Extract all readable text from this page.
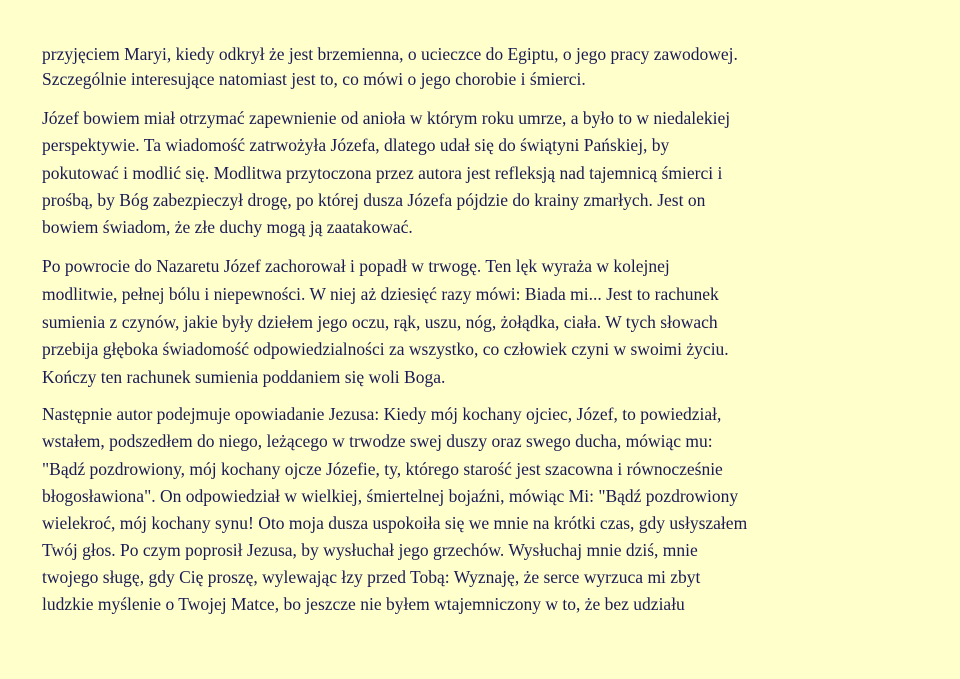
przyjęciem Maryi, kiedy odkrył że jest brzemienna, o ucieczce do Egiptu, o jego pracy zawodowej.
Szczególnie interesujące natomiast jest to, co mówi o jego chorobie i śmierci.
Józef bowiem miał otrzymać zapewnienie od anioła w którym roku umrze, a było to w niedalekiej
perspektywie. Ta wiadomość zatrwożyła Józefa, dlatego udał się do świątyni Pańskiej, by
pokutować i modlić się. Modlitwa przytoczona przez autora jest refleksją nad tajemnicą śmierci i
prośbą, by Bóg zabezpieczył drogę, po której dusza Józefa pójdzie do krainy zmarłych. Jest on
bowiem świadom, że złe duchy mogą ją zaatakować.
Po powrocie do Nazaretu Józef zachorował i popadł w trwogę. Ten lęk wyraża w kolejnej
modlitwie, pełnej bólu i niepewności. W niej aż dziesięć razy mówi: Biada mi... Jest to rachunek
sumienia z czynów, jakie były dziełem jego oczu, rąk, uszu, nóg, żołądka, ciała. W tych słowach
przebija głęboka świadomość odpowiedzialności za wszystko, co człowiek czyni w swoimi życiu.
Kończy ten rachunek sumienia poddaniem się woli Boga.
Następnie autor podejmuje opowiadanie Jezusa: Kiedy mój kochany ojciec, Józef, to powiedział,
wstałem, podszedłem do niego, leżącego w trwodze swej duszy oraz swego ducha, mówiąc mu:
"Bądź pozdrowiony, mój kochany ojcze Józefie, ty, którego starość jest szacowna i równocześnie
błogosławiona". On odpowiedział w wielkiej, śmiertelnej bojaźni, mówiąc Mi: "Bądź pozdrowiony
wielekroć, mój kochany synu! Oto moja dusza uspokoiła się we mnie na krótki czas, gdy usłyszałem
Twój głos. Po czym poprosił Jezusa, by wysłuchał jego grzechów. Wysłuchaj mnie dziś, mnie
twojego sługę, gdy Cię proszę, wylewając łzy przed Tobą: Wyznaję, że serce wyrzuca mi zbyt
ludzkie myślenie o Twojej Matce, bo jeszcze nie byłem wtajemniczony w to, że bez udziału
